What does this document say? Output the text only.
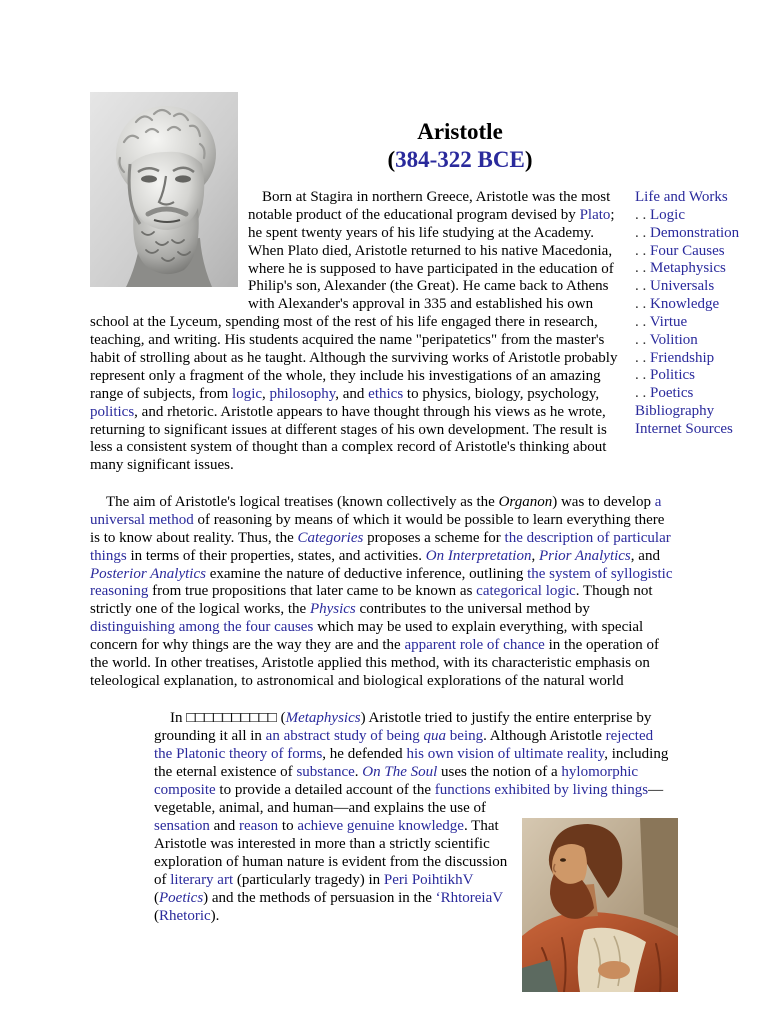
Aristotle
(384-322 BCE)
Life and Works
. . Logic
. . Demonstration
. . Four Causes
. . Metaphysics
. . Universals
. . Knowledge
. . Virtue
. . Volition
. . Friendship
. . Politics
. . Poetics
Bibliography
Internet Sources
Born at Stagira in northern Greece, Aristotle was the most
notable product of the educational program devised by Plato;
he spent twenty years of his life studying at the Academy.
When Plato died, Aristotle returned to his native Macedonia,
where he is supposed to have participated in the education of
Philip's son, Alexander (the Great). He came back to Athens
with Alexander's approval in 335 and established his own
school at the Lyceum, spending most of the rest of his life engaged there in research,
teaching, and writing. His students acquired the name "peripatetics" from the master's
habit of strolling about as he taught. Although the surviving works of Aristotle probably
represent only a fragment of the whole, they include his investigations of an amazing
range of subjects, from logic, philosophy, and ethics to physics, biology, psychology,
politics, and rhetoric. Aristotle appears to have thought through his views as he wrote,
returning to significant issues at different stages of his own development. The result is
less a consistent system of thought than a complex record of Aristotle's thinking about
many significant issues.
The aim of Aristotle's logical treatises (known collectively as the Organon) was to develop a
universal method of reasoning by means of which it would be possible to learn everything there
is to know about reality. Thus, the Categories proposes a scheme for the description of particular
things in terms of their properties, states, and activities. On Interpretation, Prior Analytics, and
Posterior Analytics examine the nature of deductive inference, outlining the system of syllogistic
reasoning from true propositions that later came to be known as categorical logic. Though not
strictly one of the logical works, the Physics contributes to the universal method by
distinguishing among the four causes which may be used to explain everything, with special
concern for why things are the way they are and the apparent role of chance in the operation of
the world. In other treatises, Aristotle applied this method, with its characteristic emphasis on
teleological explanation, to astronomical and biological explorations of the natural world
In □□□□□□□□□□ (Metaphysics) Aristotle tried to justify the entire enterprise by
grounding it all in an abstract study of being qua being. Although Aristotle rejected
the Platonic theory of forms, he defended his own vision of ultimate reality, including
the eternal existence of substance. On The Soul uses the notion of a hylomorphic
composite to provide a detailed account of the functions exhibited by living things—
vegetable, animal, and human—and explains the use of
sensation and reason to achieve genuine knowledge. That
Aristotle was interested in more than a strictly scientific
exploration of human nature is evident from the discussion
of literary art (particularly tragedy) in Peri PoihtikhV
(Poetics) and the methods of persuasion in the ‘RhtoreiaV
(Rhetoric).
